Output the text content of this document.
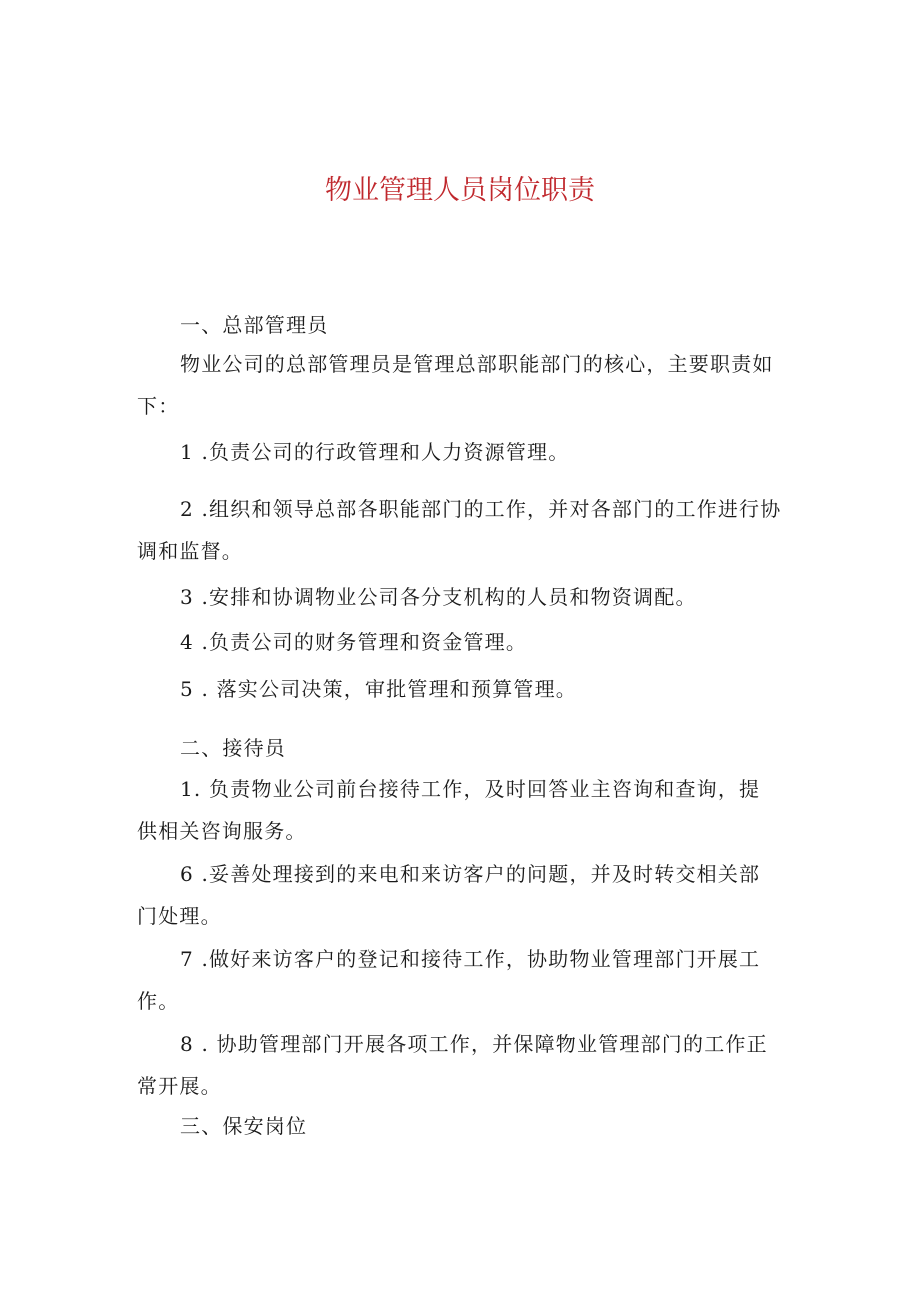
物业管理人员岗位职责
一、总部管理员
物业公司的总部管理员是管理总部职能部门的核心，主要职责如
下：
1 .负责公司的行政管理和人力资源管理。
2 .组织和领导总部各职能部门的工作，并对各部门的工作进行协
调和监督。
3 .安排和协调物业公司各分支机构的人员和物资调配。
4 .负责公司的财务管理和资金管理。
5 . 落实公司决策，审批管理和预算管理。
二、接待员
1. 负责物业公司前台接待工作，及时回答业主咨询和查询，提
供相关咨询服务。
6 .妥善处理接到的来电和来访客户的问题，并及时转交相关部
门处理。
7 .做好来访客户的登记和接待工作，协助物业管理部门开展工
作。
8 . 协助管理部门开展各项工作，并保障物业管理部门的工作正
常开展。
三、保安岗位
